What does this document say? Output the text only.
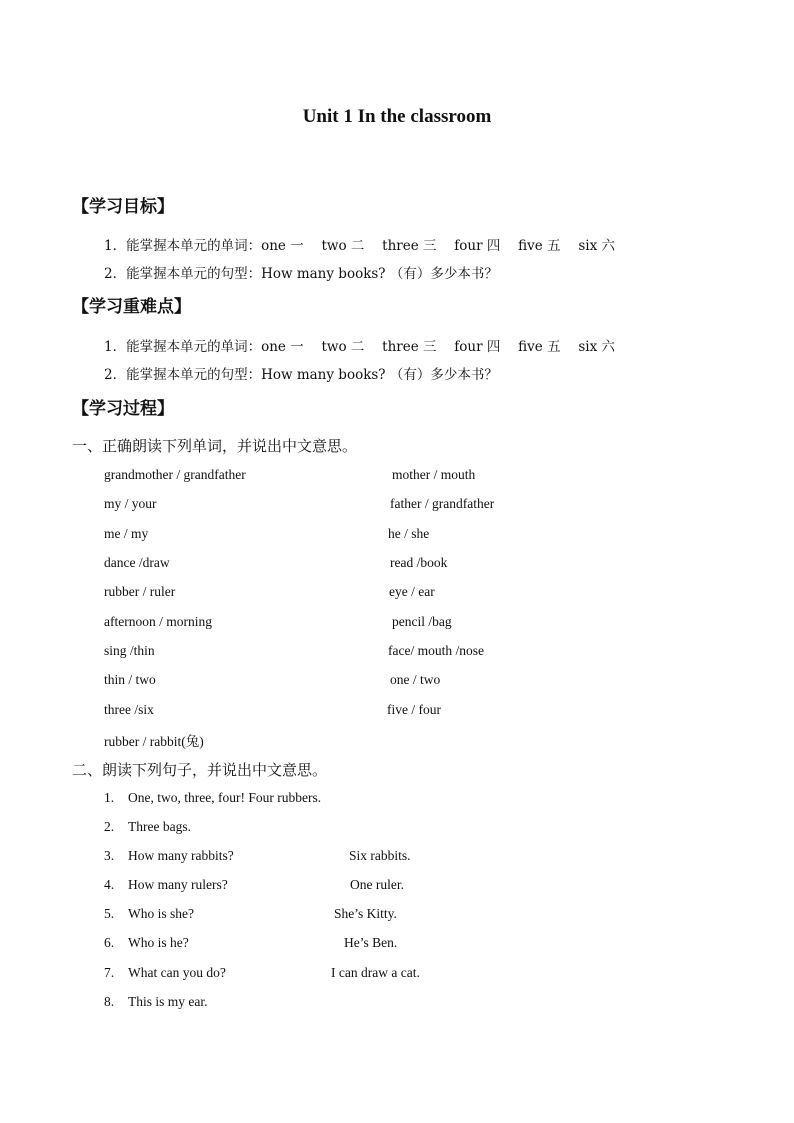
Unit 1 In the classroom
【学习目标】
1．能掌握本单元的单词：one 一　 two 二　 three 三　 four 四　 five 五　 six 六
2．能掌握本单元的句型：How many books? （有）多少本书？
【学习重难点】
1．能掌握本单元的单词：one 一　 two 二　 three 三　 four 四　 five 五　 six 六
2．能掌握本单元的句型：How many books? （有）多少本书？
【学习过程】
一、正确朗读下列单词，并说出中文意思。
grandmother / grandfather	mother / mouth
my / your	father / grandfather
me / my	he / she
dance /draw	read /book
rubber / ruler	eye / ear
afternoon / morning	pencil /bag
sing /thin	face/ mouth /nose
thin / two	one / two
three /six	five / four
rubber / rabbit(兔)
二、朗读下列句子，并说出中文意思。
1. One, two, three, four! Four rubbers.
2. Three bags.
3. How many rabbits?	Six rabbits.
4. How many rulers?	One ruler.
5. Who is she?	She’s Kitty.
6. Who is he?	He’s Ben.
7. What can you do?	I can draw a cat.
8. This is my ear.
